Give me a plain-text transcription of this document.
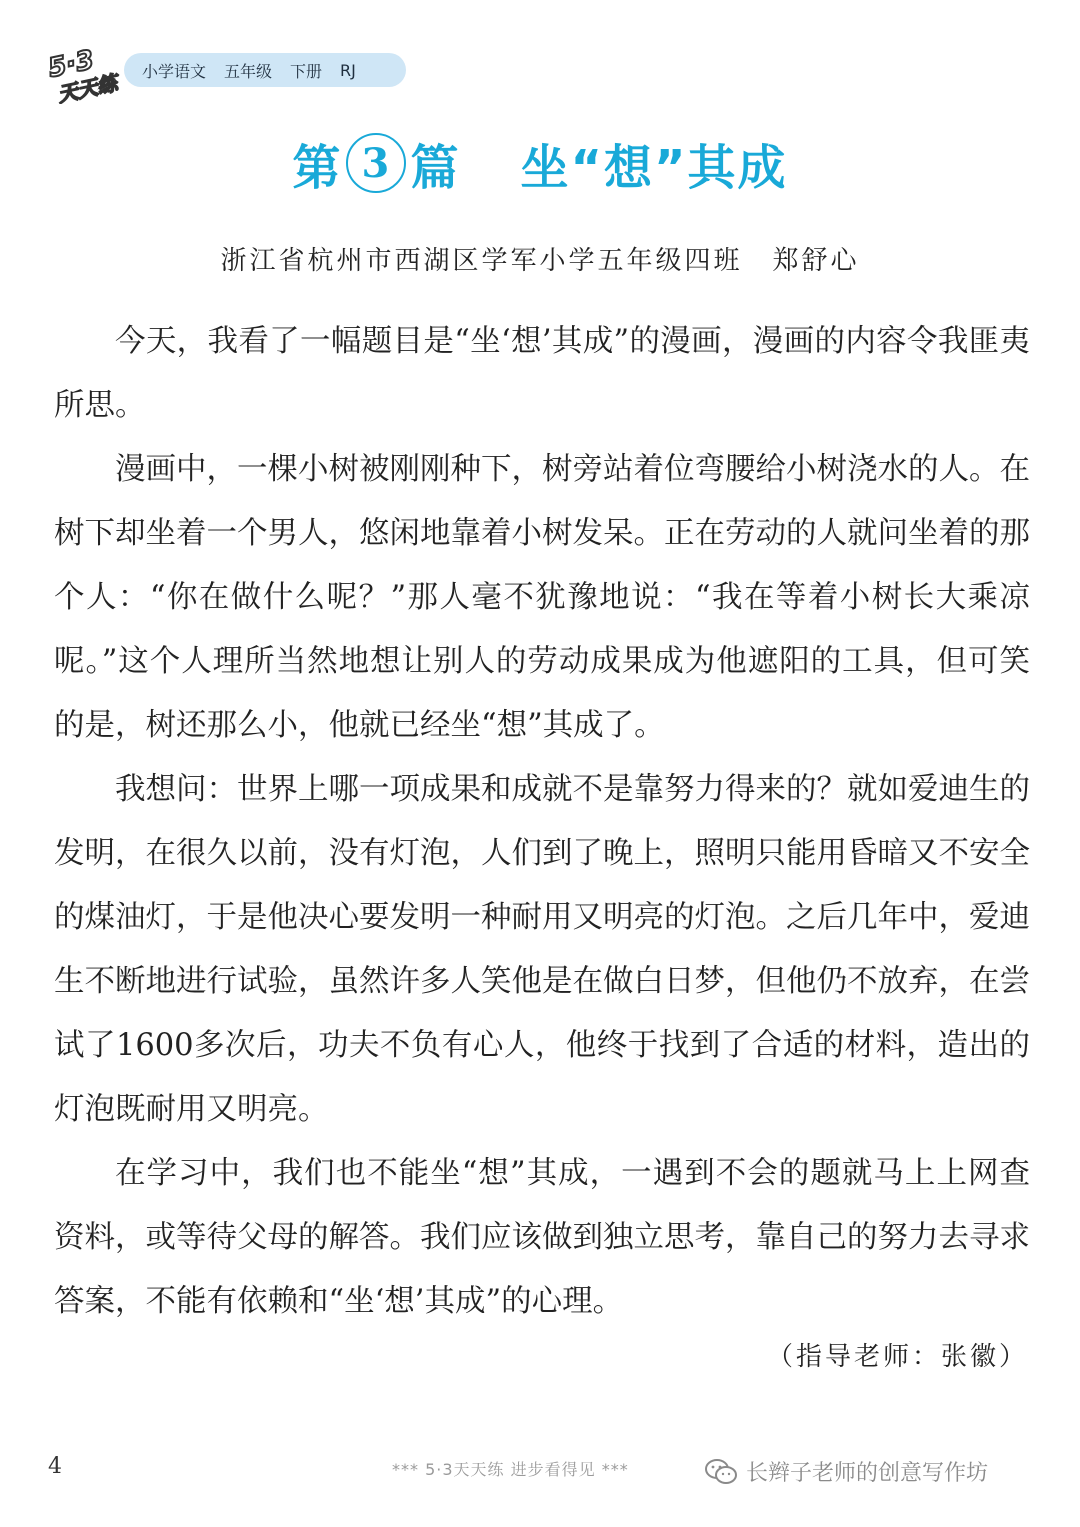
5·3
天天练 小学语文 五年级 下册 RJ
第 3 篇 坐“想”其成
浙江省杭州市西湖区学军小学五年级四班 郑舒心

今天，我看了一幅题目是“坐‘想’其成”的漫画，漫画的内容令我匪夷所思。

漫画中，一棵小树被刚刚种下，树旁站着位弯腰给小树浇水的人。在树下却坐着一个男人，悠闲地靠着小树发呆。正在劳动的人就问坐着的那个人：“你在做什么呢？”那人毫不犹豫地说：“我在等着小树长大乘凉呢。”这个人理所当然地想让别人的劳动成果成为他遮阳的工具，但可笑的是，树还那么小，他就已经坐“想”其成了。

我想问：世界上哪一项成果和成就不是靠努力得来的？就如爱迪生的发明，在很久以前，没有灯泡，人们到了晚上，照明只能用昏暗又不安全的煤油灯，于是他决心要发明一种耐用又明亮的灯泡。之后几年中，爱迪生不断地进行试验，虽然许多人笑他是在做白日梦，但他仍不放弃，在尝试了1600多次后，功夫不负有心人，他终于找到了合适的材料，造出的灯泡既耐用又明亮。

在学习中，我们也不能坐“想”其成，一遇到不会的题就马上上网查资料，或等待父母的解答。我们应该做到独立思考，靠自己的努力去寻求答案，不能有依赖和“坐‘想’其成”的心理。

（指导老师：张徽）
4	*** 5·3天天练 进步看得见 ***	长辫子老师的创意写作坊
